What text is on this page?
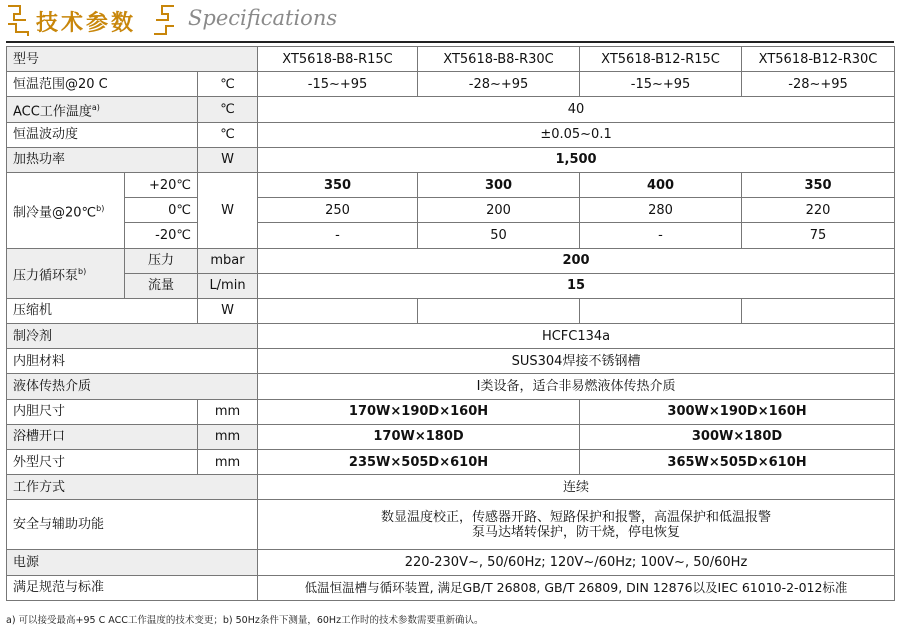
技术参数 Specifications
型号			XT5618-B8-R15C	XT5618-B8-R30C	XT5618-B12-R15C	XT5618-B12-R30C
恒温范围@20 C		℃	-15~+95	-28~+95	-15~+95	-28~+95
ACC工作温度$^{a)}$		℃	40			
恒温波动度		℃	±0.05~0.1			
加热功率		W	1,500			
制冷量@20℃$^{b)}$	+20℃	W	350	300	400	350
	0℃		250	200	280	220
	-20℃		-	50	-	75
压力循环泵$^{b)}$	压力	mbar	200			
	流量	L/min	15			
压缩机		W				
制冷剂			HCFC134a			
内胆材料			SUS304焊接不锈钢槽			
液体传热介质			I类设备，适合非易燃液体传热介质			
内胆尺寸		mm	170W×190D×160H		300W×190D×160H	
浴槽开口		mm	170W×180D		300W×180D	
外型尺寸		mm	235W×505D×610H		365W×505D×610H	
工作方式			连续			
安全与辅助功能			数显温度校正，传感器开路、短路保护和报警，高温保护和低温报警
泵马达堵转保护，防干烧，停电恢复			

电源			220-230V~, 50/60Hz; 120V~/60Hz; 100V~, 50/60Hz			
满足规范与标准			低温恒温槽与循环装置, 满足GB/T 26808, GB/T 26809, DIN 12876以及IEC 61010-2-012标准			
a) 可以接受最高+95 C ACC工作温度的技术变更；b) 50Hz条件下测量，60Hz工作时的技术参数需要重新确认。
